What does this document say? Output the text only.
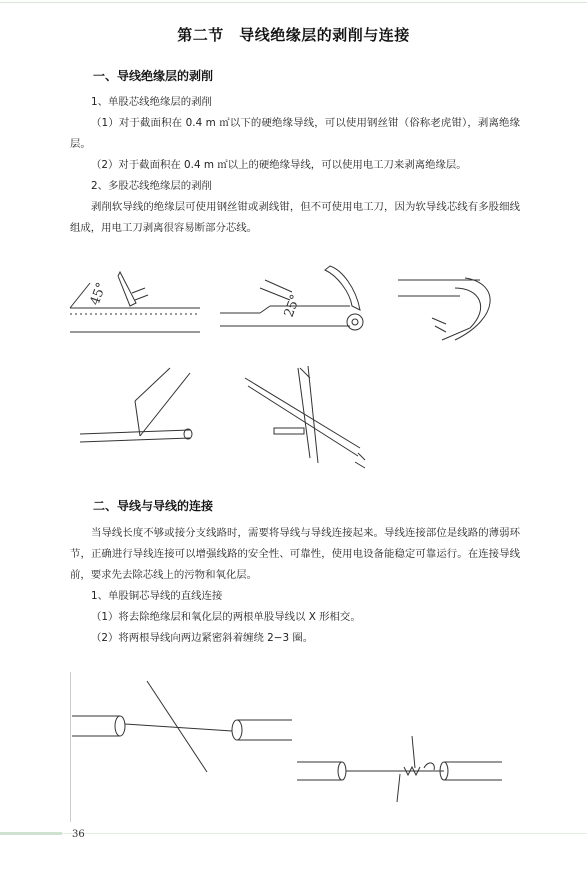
第二节　导线绝缘层的剥削与连接
一、导线绝缘层的剥削
1、单股芯线绝缘层的剥削
（1）对于截面积在 0.4 m ㎡以下的硬绝缘导线，可以使用钢丝钳（俗称老虎钳），剥离绝缘层。
（2）对于截面积在 0.4 m ㎡以上的硬绝缘导线，可以使用电工刀来剥离绝缘层。
2、多股芯线绝缘层的剥削
剥削软导线的绝缘层可使用钢丝钳或剥线钳，但不可使用电工刀，因为软导线芯线有多股细线组成，用电工刀剥离很容易断部分芯线。
45°	25°
二、导线与导线的连接
当导线长度不够或接分支线路时，需要将导线与导线连接起来。导线连接部位是线路的薄弱环节，正确进行导线连接可以增强线路的安全性、可靠性，使用电设备能稳定可靠运行。在连接导线前，要求先去除芯线上的污物和氧化层。
1、单股铜芯导线的直线连接
（1）将去除绝缘层和氧化层的两根单股导线以 X 形相交。
（2）将两根导线向两边紧密斜着缠绕 2−3 圈。
36
